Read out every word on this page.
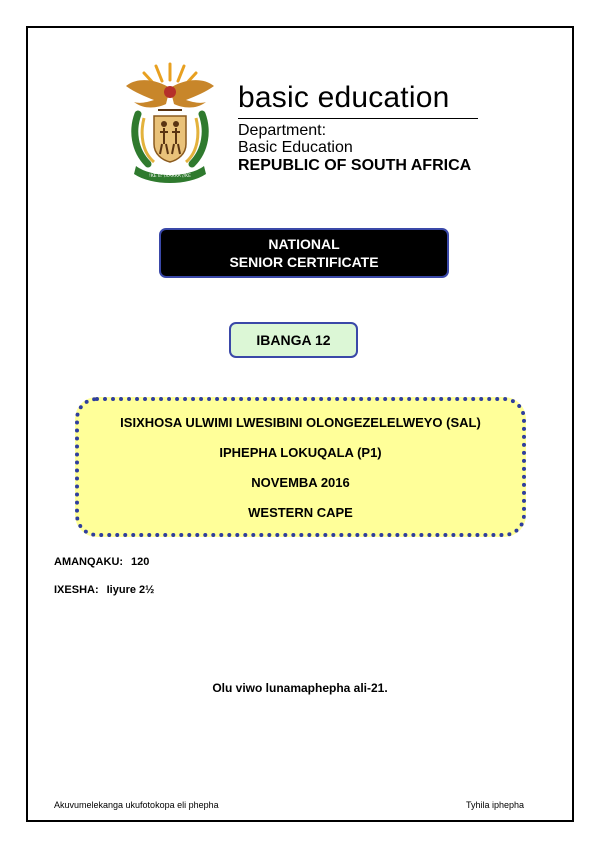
!KE E: /XARRA //KE
basic education
Department:
Basic Education
REPUBLIC OF SOUTH AFRICA
NATIONAL
SENIOR CERTIFICATE
IBANGA 12
ISIXHOSA ULWIMI LWESIBINI OLONGEZELELWEYO (SAL)
IPHEPHA LOKUQALA (P1)
NOVEMBA 2016
WESTERN CAPE
AMANQAKU: 120
IXESHA: Iiyure 2½
Olu viwo lunamaphepha ali-21.
Akuvumelekanga ukufotokopa eli phepha	Tyhila iphepha
